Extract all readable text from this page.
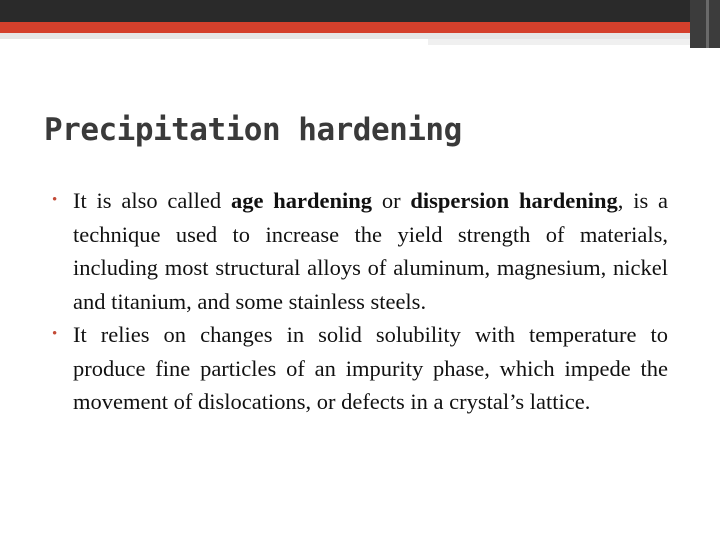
Precipitation hardening
• It is also called age hardening or dispersion hardening, is a technique used to increase the yield strength of materials, including most structural alloys of aluminum, magnesium, nickel and titanium, and some stainless steels.
• It relies on changes in solid solubility with temperature to produce fine particles of an impurity phase, which impede the movement of dislocations, or defects in a crystal’s lattice.
